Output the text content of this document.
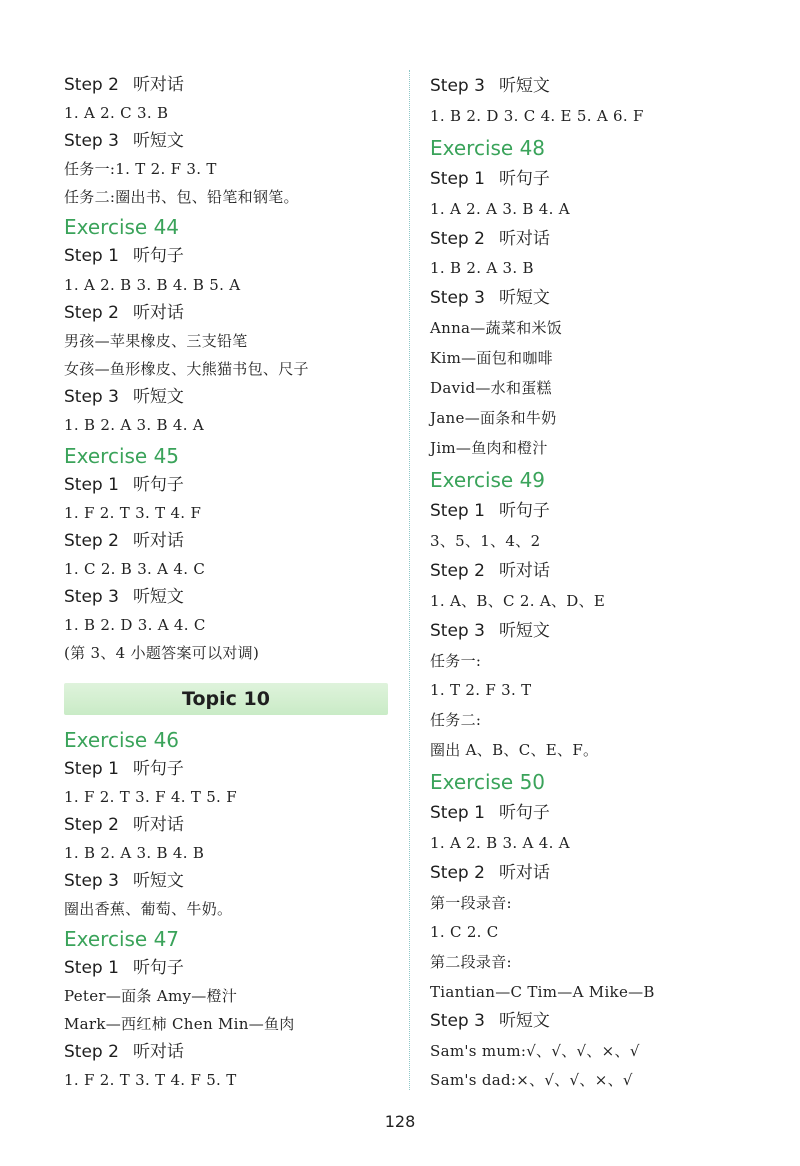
Step 2 听对话
1. A 2. C 3. B
Step 3 听短文
任务一:1. T 2. F 3. T
任务二:圈出书、包、铅笔和钢笔。
Exercise 44
Step 1 听句子
1. A 2. B 3. B 4. B 5. A
Step 2 听对话
男孩—苹果橡皮、三支铅笔
女孩—鱼形橡皮、大熊猫书包、尺子
Step 3 听短文
1. B 2. A 3. B 4. A
Exercise 45
Step 1 听句子
1. F 2. T 3. T 4. F
Step 2 听对话
1. C 2. B 3. A 4. C
Step 3 听短文
1. B 2. D 3. A 4. C
(第 3、4 小题答案可以对调)
Topic 10
Exercise 46
Step 1 听句子
1. F 2. T 3. F 4. T 5. F
Step 2 听对话
1. B 2. A 3. B 4. B
Step 3 听短文
圈出香蕉、葡萄、牛奶。
Exercise 47
Step 1 听句子
Peter—面条 Amy—橙汁
Mark—西红柿 Chen Min—鱼肉
Step 2 听对话
1. F 2. T 3. T 4. F 5. T
Step 3 听短文
1. B 2. D 3. C 4. E 5. A 6. F
Exercise 48
Step 1 听句子
1. A 2. A 3. B 4. A
Step 2 听对话
1. B 2. A 3. B
Step 3 听短文
Anna—蔬菜和米饭
Kim—面包和咖啡
David—水和蛋糕
Jane—面条和牛奶
Jim—鱼肉和橙汁
Exercise 49
Step 1 听句子
3、5、1、4、2
Step 2 听对话
1. A、B、C 2. A、D、E
Step 3 听短文
任务一:
1. T 2. F 3. T
任务二:
圈出 A、B、C、E、F。
Exercise 50
Step 1 听句子
1. A 2. B 3. A 4. A
Step 2 听对话
第一段录音:
1. C 2. C
第二段录音:
Tiantian—C Tim—A Mike—B
Step 3 听短文
Sam's mum:√、√、√、×、√
Sam's dad:×、√、√、×、√
128
